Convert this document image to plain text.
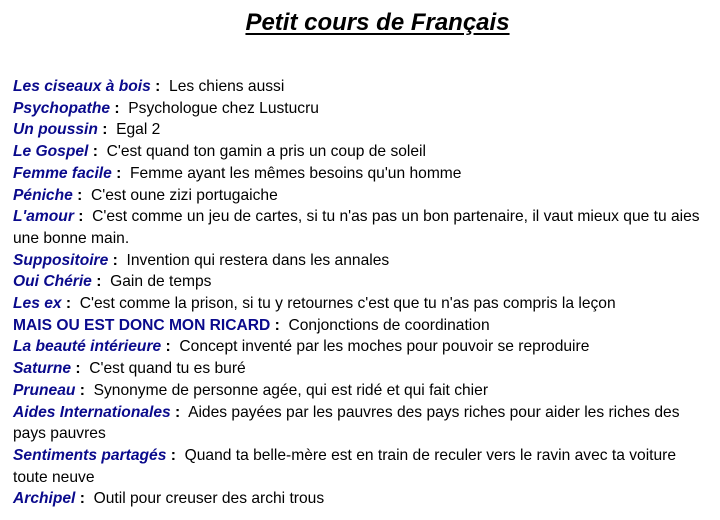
Petit cours de Français

Les ciseaux à bois : Les chiens aussi

Psychopathe : Psychologue chez Lustucru

Un poussin : Egal 2

Le Gospel : C'est quand ton gamin a pris un coup de soleil

Femme facile : Femme ayant les mêmes besoins qu'un homme

Péniche : C'est oune zizi portugaiche

L'amour : C'est comme un jeu de cartes, si tu n'as pas un bon partenaire, il vaut mieux que tu aies une bonne main.

Suppositoire : Invention qui restera dans les annales

Oui Chérie : Gain de temps

Les ex : C'est comme la prison, si tu y retournes c'est que tu n'as pas compris la leçon

MAIS OU EST DONC MON RICARD : Conjonctions de coordination

La beauté intérieure : Concept inventé par les moches pour pouvoir se reproduire

Saturne : C'est quand tu es buré

Pruneau : Synonyme de personne agée, qui est ridé et qui fait chier

Aides Internationales : Aides payées par les pauvres des pays riches pour aider les riches des pays pauvres

Sentiments partagés : Quand ta belle-mère est en train de reculer vers le ravin avec ta voiture toute neuve

Archipel : Outil pour creuser des archi trous
